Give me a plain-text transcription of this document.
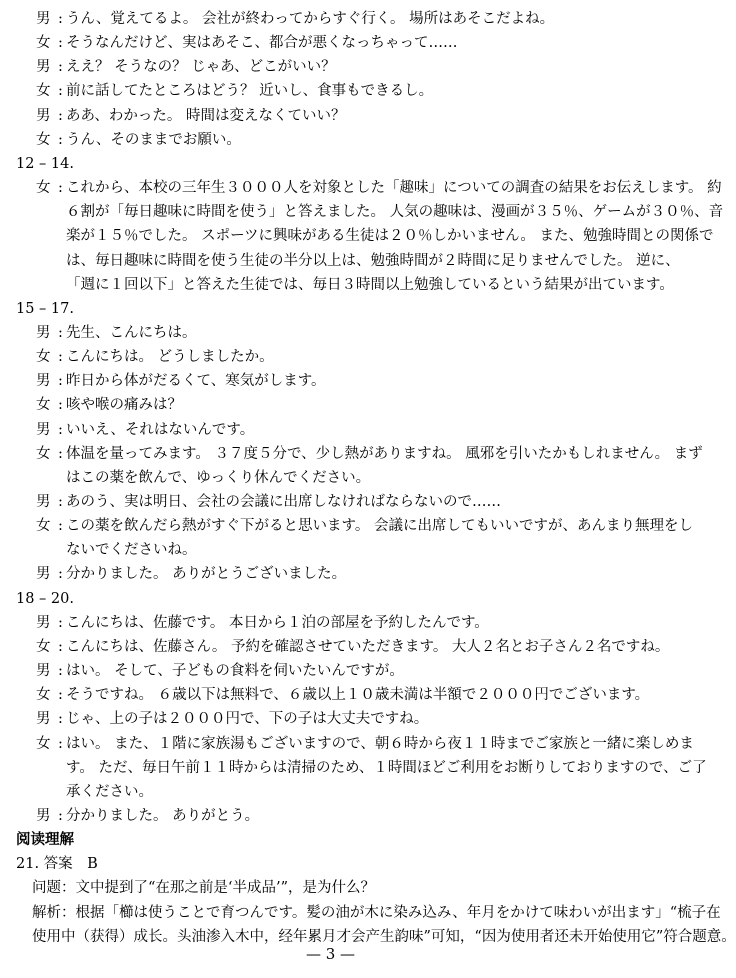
男 : うん、覚えてるよ。 会社が終わってからすぐ行く。 場所はあそこだよね。
女 : そうなんだけど、実はあそこ、都合が悪くなっちゃって……
男 : ええ？ そうなの？ じゃあ、どこがいい？
女 : 前に話してたところはどう？ 近いし、食事もできるし。
男 : ああ、わかった。 時間は変えなくていい？
女 : うん、そのままでお願い。
12 – 14.
女 : これから、本校の三年生３０００人を対象とした「趣味」についての調査の結果をお伝えします。 約
６割が「毎日趣味に時間を使う」と答えました。 人気の趣味は、漫画が３５％、ゲームが３０％、音
楽が１５％でした。 スポーツに興味がある生徒は２０％しかいません。 また、勉強時間との関係で
は、毎日趣味に時間を使う生徒の半分以上は、勉強時間が２時間に足りませんでした。 逆に、
「週に１回以下」と答えた生徒では、毎日３時間以上勉強しているという結果が出ています。
15 – 17.
男 : 先生、こんにちは。
女 : こんにちは。 どうしましたか。
男 : 昨日から体がだるくて、寒気がします。
女 : 咳や喉の痛みは？
男 : いいえ、それはないんです。
女 : 体温を量ってみます。 ３７度５分で、少し熱がありますね。 風邪を引いたかもしれません。 まず
はこの薬を飲んで、ゆっくり休んでください。
男 : あのう、実は明日、会社の会議に出席しなければならないので……
女 : この薬を飲んだら熱がすぐ下がると思います。 会議に出席してもいいですが、あんまり無理をし
ないでくださいね。
男 : 分かりました。 ありがとうございました。
18 – 20.
男 : こんにちは、佐藤です。 本日から１泊の部屋を予約したんです。
女 : こんにちは、佐藤さん。 予約を確認させていただきます。 大人２名とお子さん２名ですね。
男 : はい。 そして、子どもの食料を伺いたいんですが。
女 : そうですね。 ６歳以下は無料で、６歳以上１０歳未満は半額で２０００円でございます。
男 : じゃ、上の子は２０００円で、下の子は大丈夫ですね。
女 : はい。 また、１階に家族湯もございますので、朝６時から夜１１時までご家族と一緒に楽しめま
す。 ただ、毎日午前１１時からは清掃のため、１時間ほどご利用をお断りしておりますので、ご了
承ください。
男 : 分かりました。 ありがとう。
阅读理解
21. 答案　B
问题：文中提到了“在那之前是‘半成品’”，是为什么？
解析：根据「櫛は使うことで育つんです。髪の油が木に染み込み、年月をかけて味わいが出ます」“梳子在
使用中（获得）成长。头油渗入木中，经年累月才会产生韵味”可知，“因为使用者还未开始使用它”符合题意。
— 3 —
